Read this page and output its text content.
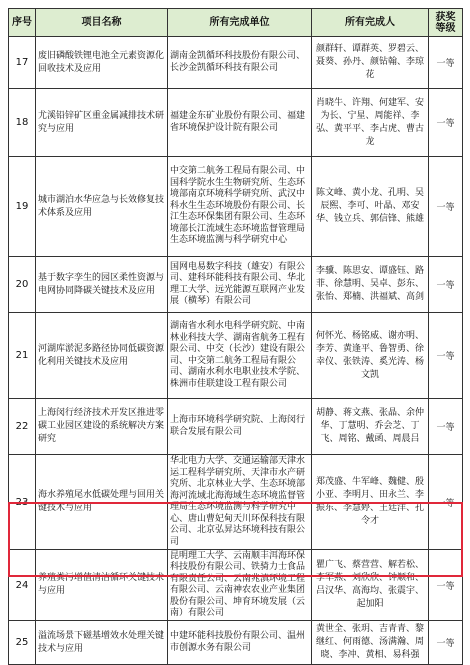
序号	项目名称	所有完成单位	所有完成人	获奖等级
17	废旧磷酸铁锂电池全元素资源化回收技术及应用	湖南金凯循环科技股份有限公司、长沙金凯循环科技有限公司	颜群轩、谭群英、罗碧云、聂葵、孙丹、颜钻翰、李琼花	一等
18	尤溪铅锌矿区重金属减排技术研究与应用	福建金东矿业股份有限公司、福建省环境保护设计院有限公司	肖晓牛、许翔、何建军、安为长、宁星、周能祥、李弘、黄平平、李占虎、曹古龙	一等
19	城市湖泊水华应急与长效修复技术体系及应用	中交第二航务工程局有限公司、中国科学院水生生物研究所、生态环境部南京环境科学研究所、武汉中科水生生态环境股份有限公司、长江生态环保集团有限公司、生态环境部长江流域生态环境监督管理局生态环境监测与科学研究中心	陈文峰、黄小龙、孔明、吴辰熙、李可、叶晶、邓安华、钱立兵、郭信锋、熊雄	一等
20	基于数字孪生的园区柔性资源与电网协同降碳关键技术及应用	国网电易数字科技（雄安）有限公司、建科环能科技有限公司、华北理工大学、远光能源互联网产业发展（横琴）有限公司	李骥、陈思安、谭盛钰、路菲、徐慧明、吴卓、彭东、张怡、郑楠、洪福斌、高剑	一等
21	河湖库淤泥多路径协同低碳资源化利用关键技术及应用	湖南省水利水电科学研究院、中南林业科技大学、湖南省航务工程有限公司、中交（长沙）建设有限公司、中交第二航务工程局有限公司、湖南水利水电职业技术学院、株洲市佳联建设工程有限公司	何怀光、杨铭威、谢亦明、李芳、黄逢平、鲁智勇、徐幸仪、张铁涛、奚光涛、杨文凯	一等
22	上海闵行经济技术开发区推进零碳工业园区建设的系统解决方案研究	上海市环境科学研究院、上海闵行联合发展有限公司	胡静、蒋文燕、张晶、余仲华、丁慧明、乔会芝、丁飞、周铭、戴函、周晨吕	一等
23	海水养殖尾水低碳处理与回用关键技术与应用	华北电力大学、交通运输部天津水运工程科学研究所、天津市水产研究所、北京林业大学、生态环境部海河流域北海海域生态环境监督管理局生态环境监测与科学研究中心、唐山曹妃甸天川环保科技有限公司、北京弘昇达环境科技有限公司	郑茂盛、牛军峰、魏健、殷小亚、李明月、田永兰、李振东、李慧婷、王廷洋、孔令才	一等
24	养殖粪污增值清洁循环关键技术与应用	昆明理工大学、云南顺丰洱海环保科技股份有限公司、铁骑力士食品有限责任公司、云南兆滇环境工程有限公司、云南神农农业产业集团股份有限公司、坤育环境发展（云南）有限公司	瞿广飞、蔡营营、解若松、李军燕、刘欣欣、钟顺和、吕汉华、高海均、张震宇、起加阳	一等
25	溢流场景下磁基增效水处理关键技术与应用	中建环能科技股份有限公司、温州市创源水务有限公司	黄世全、张玥、吉青青、黎继红、何雨德、汤满瀚、周晓、李冲、黄相、易科强	一等
